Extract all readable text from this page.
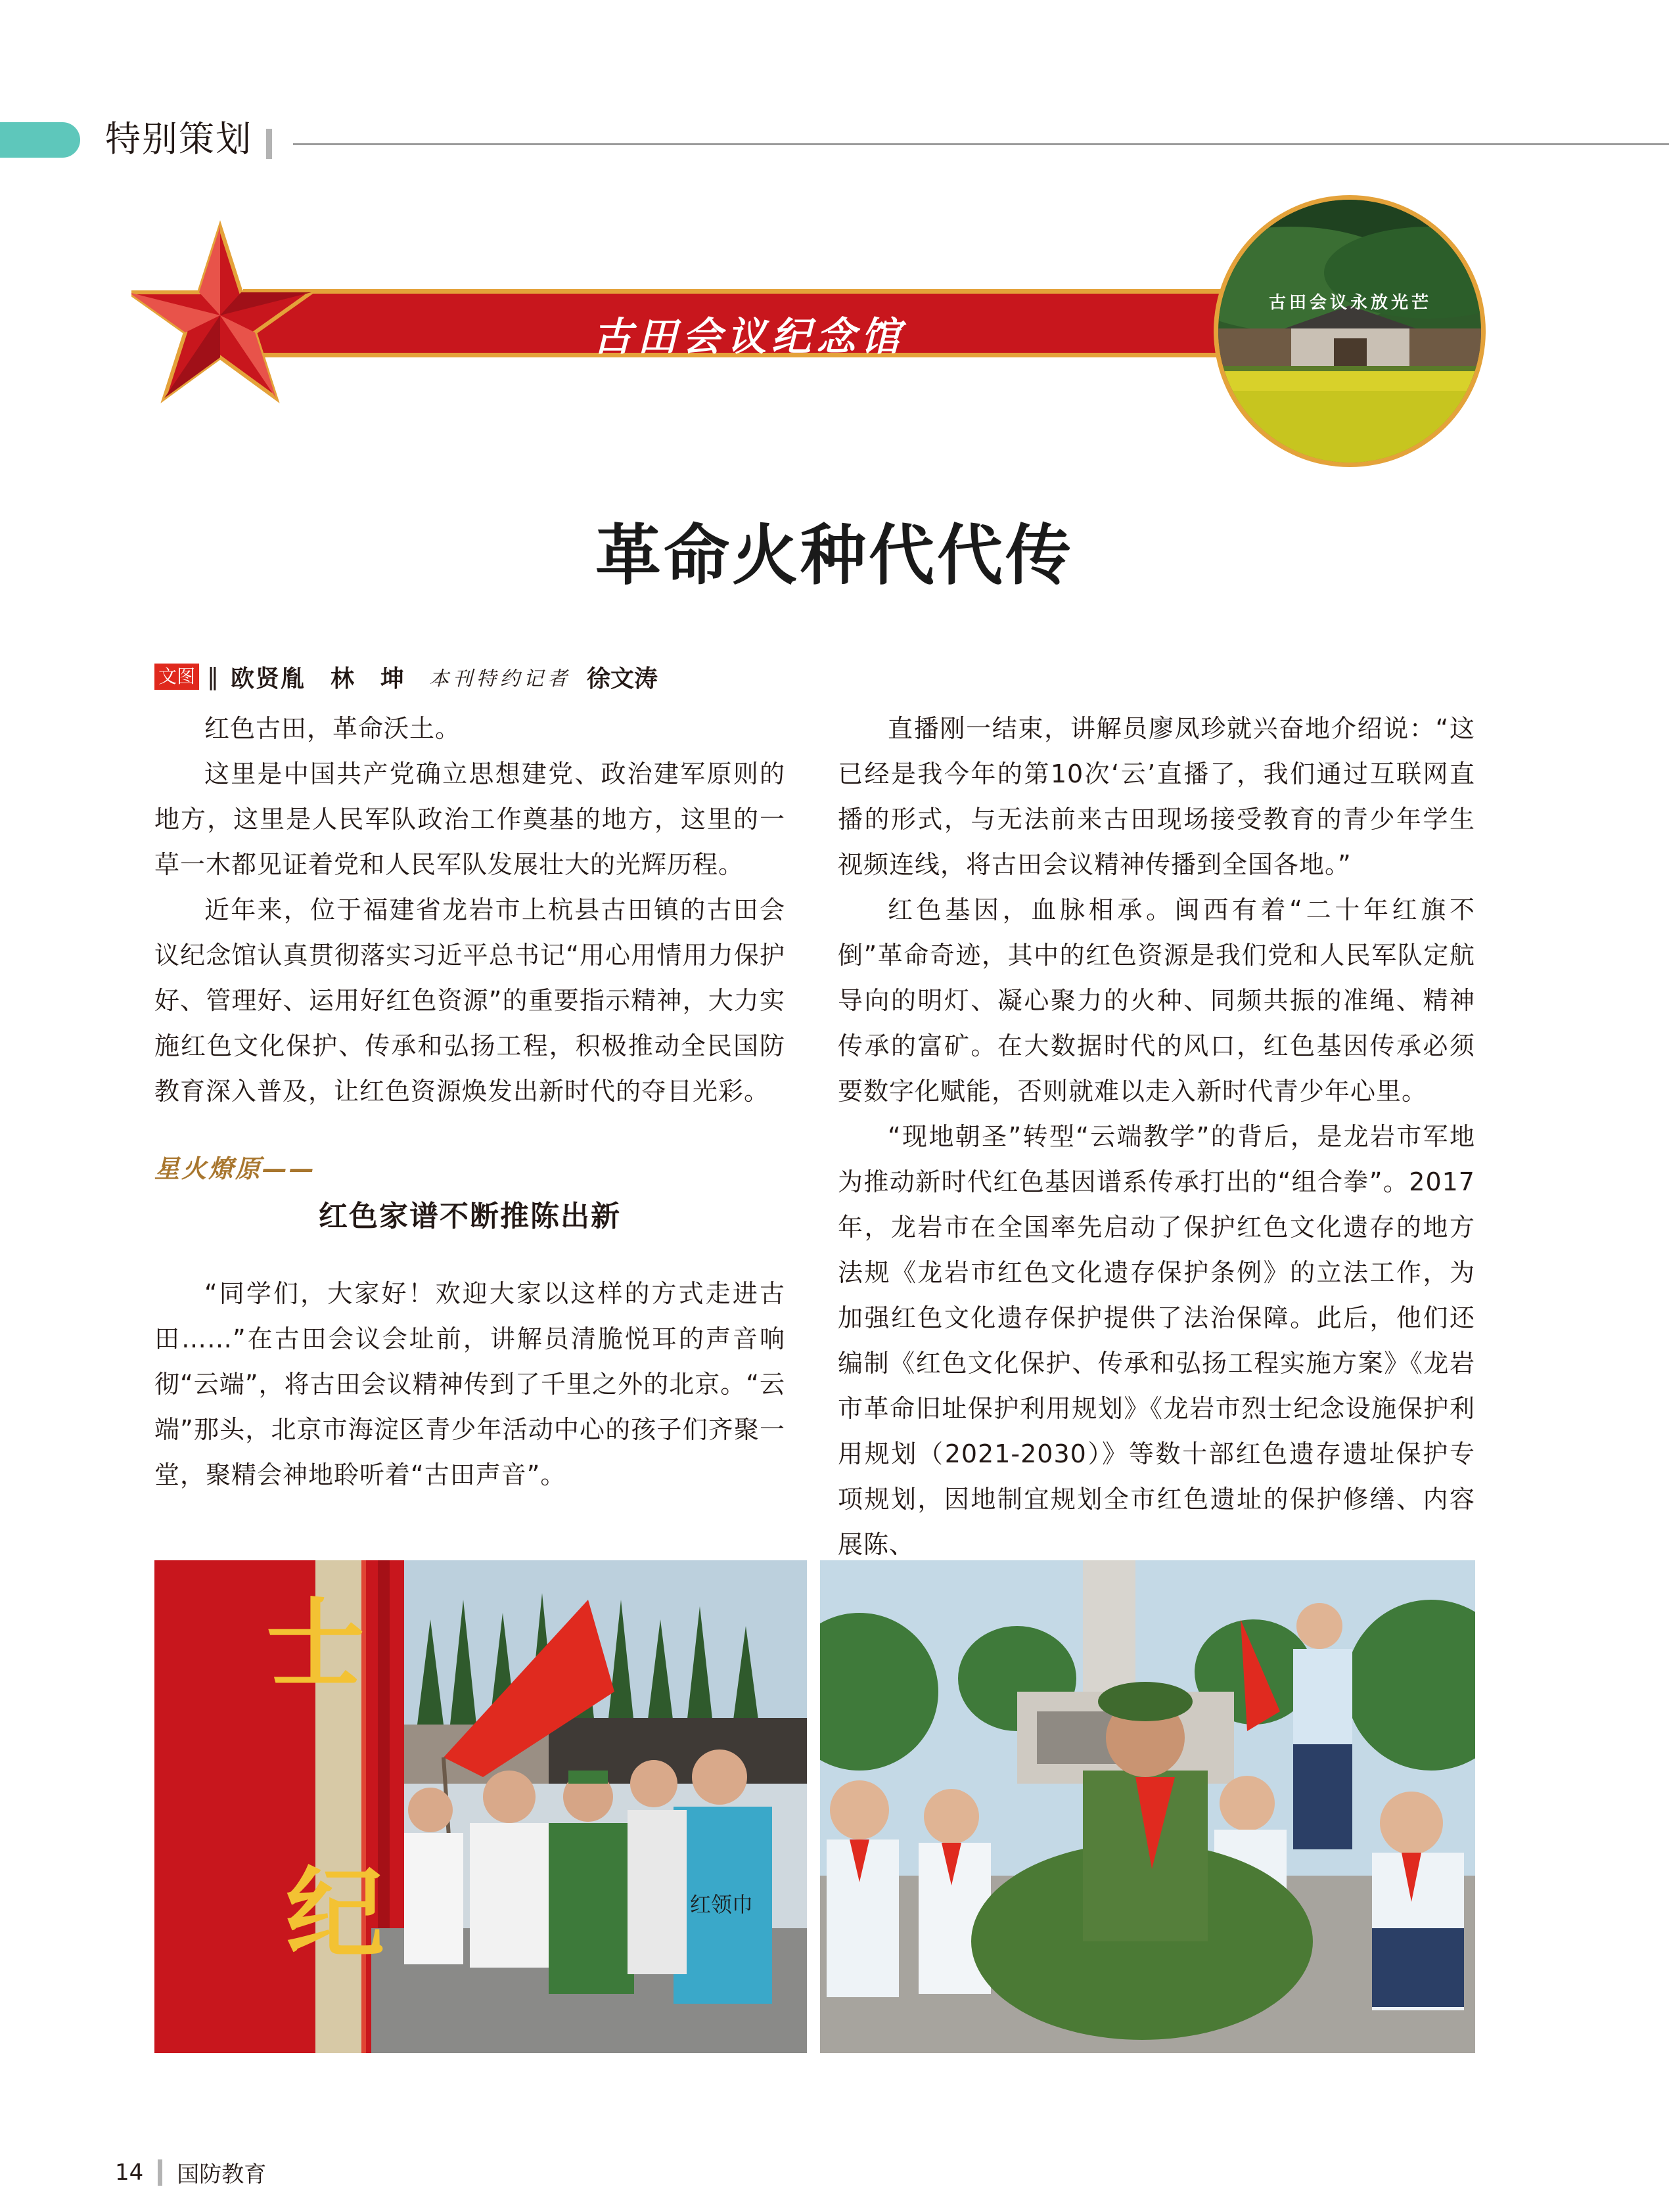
特别策划
古田会议纪念馆
古田会议永放光芒
革命火种代代传
文图 ‖ 欧贤胤　林　坤 本刊特约记者 徐文涛

红色古田，革命沃土。

这里是中国共产党确立思想建党、政治建军原则的地方，这里是人民军队政治工作奠基的地方，这里的一草一木都见证着党和人民军队发展壮大的光辉历程。

近年来，位于福建省龙岩市上杭县古田镇的古田会议纪念馆认真贯彻落实习近平总书记“用心用情用力保护好、管理好、运用好红色资源”的重要指示精神，大力实施红色文化保护、传承和弘扬工程，积极推动全民国防教育深入普及，让红色资源焕发出新时代的夺目光彩。

星火燎原——
红色家谱不断推陈出新

“同学们，大家好！欢迎大家以这样的方式走进古田……”在古田会议会址前，讲解员清脆悦耳的声音响彻“云端”，将古田会议精神传到了千里之外的北京。“云端”那头，北京市海淀区青少年活动中心的孩子们齐聚一堂，聚精会神地聆听着“古田声音”。

直播刚一结束，讲解员廖凤珍就兴奋地介绍说：“这已经是我今年的第10次‘云’直播了，我们通过互联网直播的形式，与无法前来古田现场接受教育的青少年学生视频连线，将古田会议精神传播到全国各地。”

红色基因，血脉相承。闽西有着“二十年红旗不倒”革命奇迹，其中的红色资源是我们党和人民军队定航导向的明灯、凝心聚力的火种、同频共振的准绳、精神传承的富矿。在大数据时代的风口，红色基因传承必须要数字化赋能，否则就难以走入新时代青少年心里。

“现地朝圣”转型“云端教学”的背后，是龙岩市军地为推动新时代红色基因谱系传承打出的“组合拳”。2017年，龙岩市在全国率先启动了保护红色文化遗存的地方法规《龙岩市红色文化遗存保护条例》的立法工作，为加强红色文化遗存保护提供了法治保障。此后，他们还编制《红色文化保护、传承和弘扬工程实施方案》《龙岩市革命旧址保护利用规划》《龙岩市烈士纪念设施保护利用规划（2021-2030）》等数十部红色遗存遗址保护专项规划，因地制宜规划全市红色遗址的保护修缮、内容展陈、

士
纪	红领巾
14 国防教育
